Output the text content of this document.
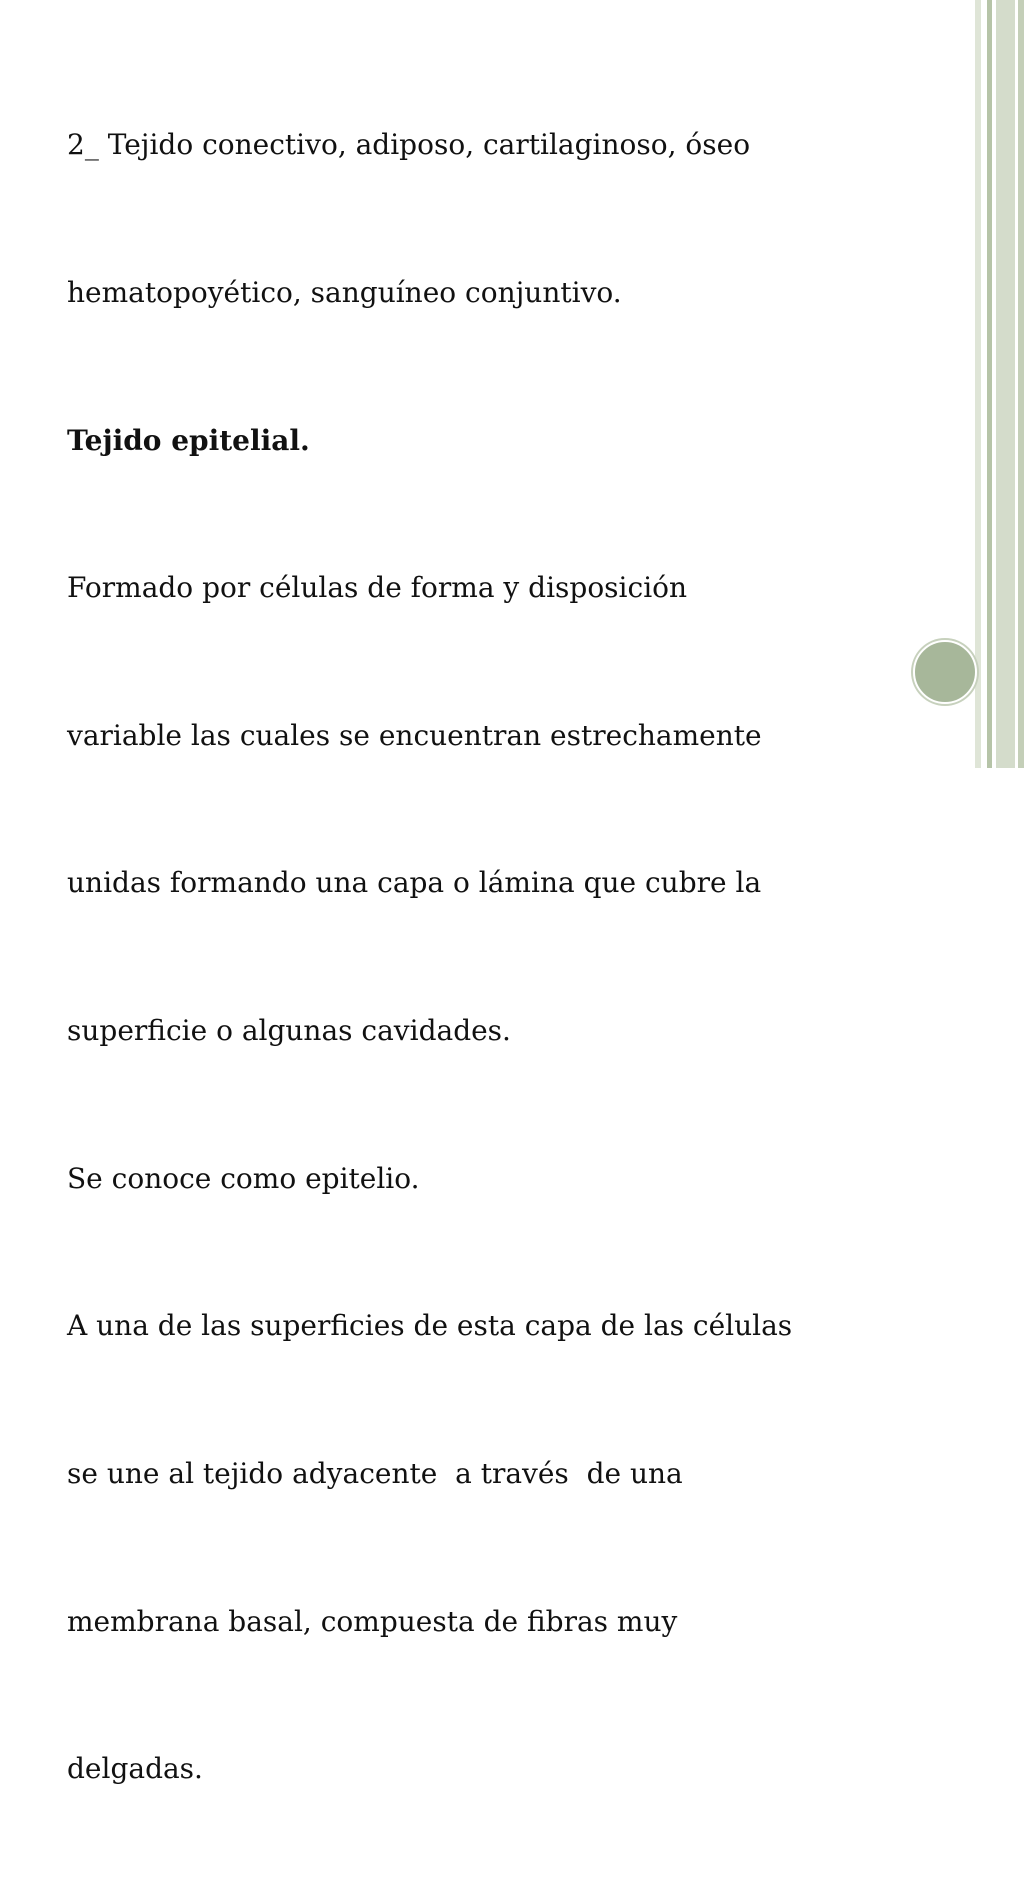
2_ Tejido conectivo, adiposo, cartilaginoso, óseo

hematopoyético, sanguíneo conjuntivo.

Tejido epitelial.

Formado por células de forma y disposición

variable las cuales se encuentran estrechamente

unidas formando una capa o lámina que cubre la

superficie o algunas cavidades.

Se conoce como epitelio.

A una de las superficies de esta capa de las células

se une al tejido adyacente  a través  de una

membrana basal, compuesta de fibras muy

delgadas.
